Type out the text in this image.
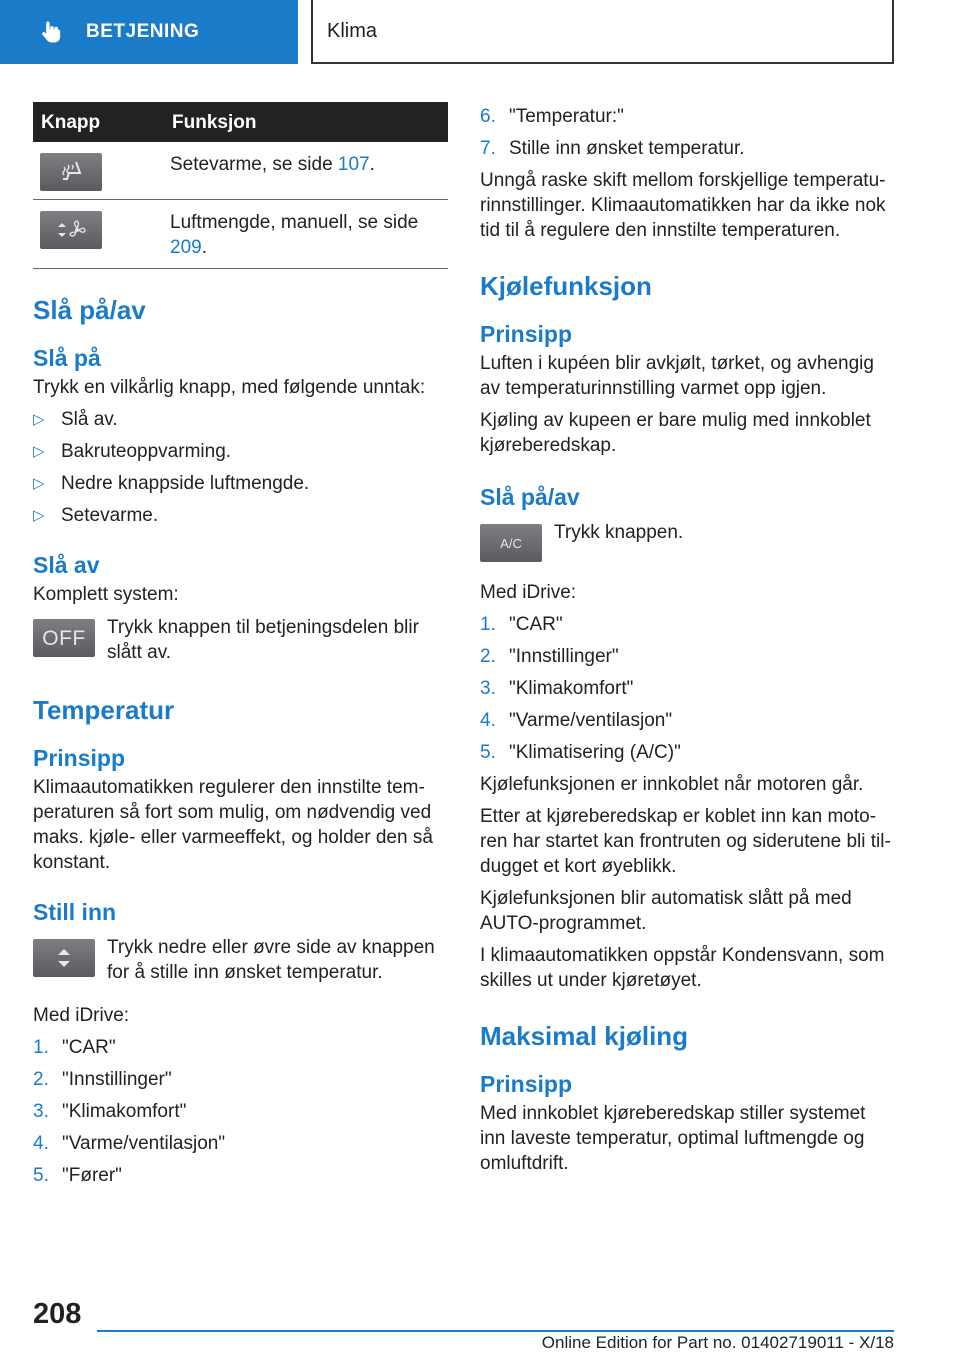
BETJENING	Klima
Knapp	Funksjon

	Setevarme, se side 107.

	Luftmengde, manuell, se side 209.
Slå på/av
Slå på

Trykk en vilkårlig knapp, med følgende unntak:

▷ Slå av.
▷ Bakruteoppvarming.
▷ Nedre knappside luftmengde.
▷ Setevarme.
Slå av

Komplett system:

OFF	Trykk knappen til betjeningsdelen blir slått av.

Temperatur
Prinsipp

Klimaautomatikken regulerer den innstilte tem-peraturen så fort som mulig, om nødvendig ved maks. kjøle- eller varmeeffekt, og holder den så konstant.

Still inn

Trykk nedre eller øvre side av knappen for å stille inn ønsket temperatur.

Med iDrive:

1. "CAR"
2. "Innstillinger"
3. "Klimakomfort"
4. "Varme/ventilasjon"
5. "Fører"
6. "Temperatur:"
7. Stille inn ønsket temperatur.

Unngå raske skift mellom forskjellige temperatu-rinnstillinger. Klimaautomatikken har da ikke nok tid til å regulere den innstilte temperaturen.

Kjølefunksjon
Prinsipp

Luften i kupéen blir avkjølt, tørket, og avhengig av temperaturinnstilling varmet opp igjen.

Kjøling av kupeen er bare mulig med innkoblet kjøreberedskap.

Slå på/av
A/C	Trykk knappen.

Med iDrive:

1. "CAR"
2. "Innstillinger"
3. "Klimakomfort"
4. "Varme/ventilasjon"
5. "Klimatisering (A/C)"

Kjølefunksjonen er innkoblet når motoren går.

Etter at kjøreberedskap er koblet inn kan moto-ren har startet kan frontruten og siderutene bli til-dugget et kort øyeblikk.

Kjølefunksjonen blir automatisk slått på med AUTO-programmet.

I klimaautomatikken oppstår Kondensvann, som skilles ut under kjøretøyet.

Maksimal kjøling
Prinsipp

Med innkoblet kjøreberedskap stiller systemet inn laveste temperatur, optimal luftmengde og omluftdrift.

208
Online Edition for Part no. 01402719011 - X/18
